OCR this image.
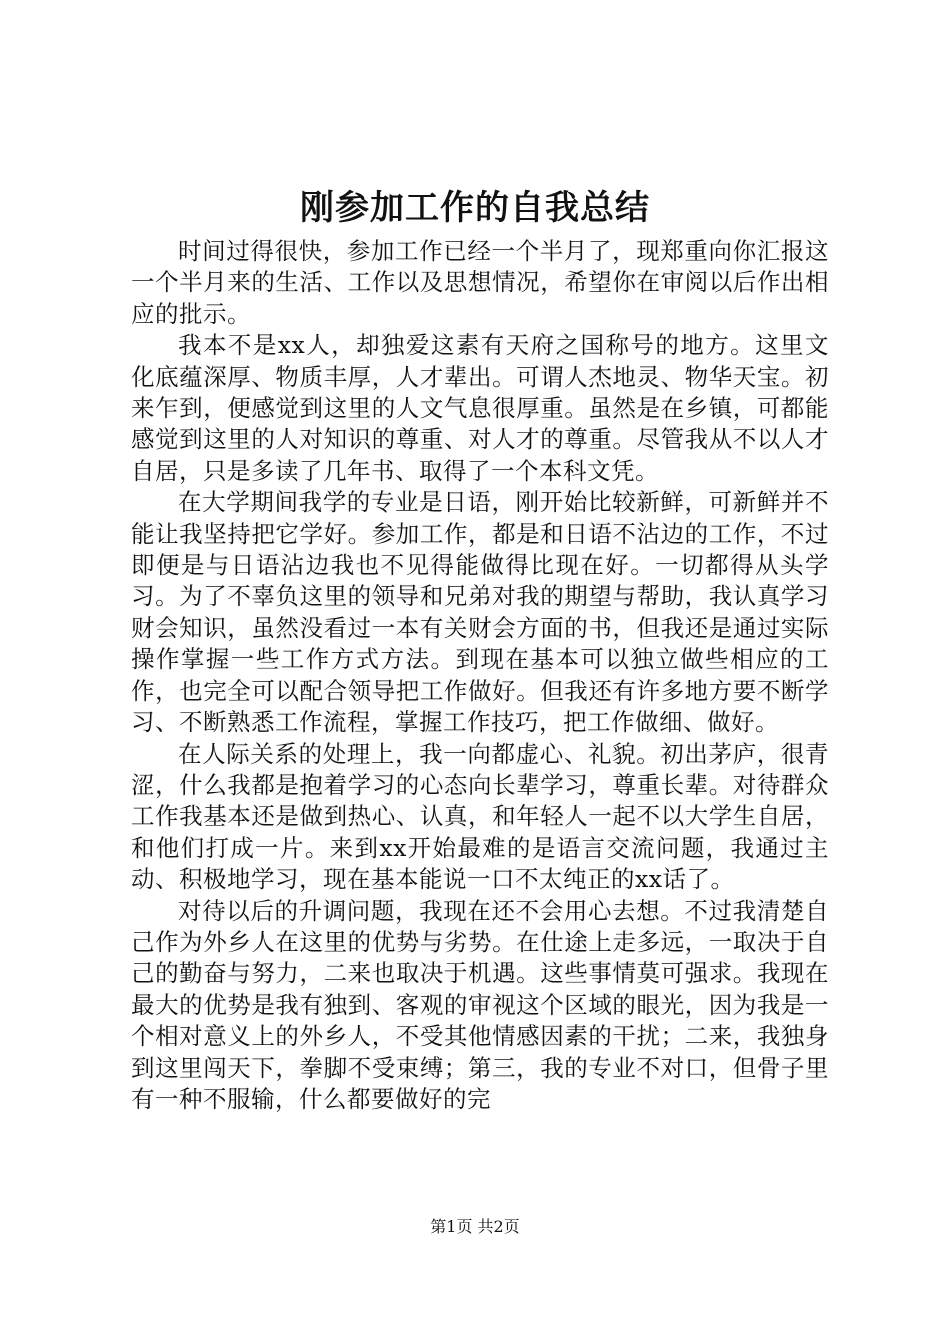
刚参加工作的自我总结

时间过得很快，参加工作已经一个半月了，现郑重向你汇报这一个半月来的生活、工作以及思想情况，希望你在审阅以后作出相应的批示。

我本不是xx人，却独爱这素有天府之国称号的地方。这里文化底蕴深厚、物质丰厚，人才辈出。可谓人杰地灵、物华天宝。初来乍到，便感觉到这里的人文气息很厚重。虽然是在乡镇，可都能感觉到这里的人对知识的尊重、对人才的尊重。尽管我从不以人才自居，只是多读了几年书、取得了一个本科文凭。

在大学期间我学的专业是日语，刚开始比较新鲜，可新鲜并不能让我坚持把它学好。参加工作，都是和日语不沾边的工作，不过即便是与日语沾边我也不见得能做得比现在好。一切都得从头学习。为了不辜负这里的领导和兄弟对我的期望与帮助，我认真学习财会知识，虽然没看过一本有关财会方面的书，但我还是通过实际操作掌握一些工作方式方法。到现在基本可以独立做些相应的工作，也完全可以配合领导把工作做好。但我还有许多地方要不断学习、不断熟悉工作流程，掌握工作技巧，把工作做细、做好。

在人际关系的处理上，我一向都虚心、礼貌。初出茅庐，很青涩，什么我都是抱着学习的心态向长辈学习，尊重长辈。对待群众工作我基本还是做到热心、认真，和年轻人一起不以大学生自居，和他们打成一片。来到xx开始最难的是语言交流问题，我通过主动、积极地学习，现在基本能说一口不太纯正的xx话了。

对待以后的升调问题，我现在还不会用心去想。不过我清楚自己作为外乡人在这里的优势与劣势。在仕途上走多远，一取决于自己的勤奋与努力，二来也取决于机遇。这些事情莫可强求。我现在最大的优势是我有独到、客观的审视这个区域的眼光，因为我是一个相对意义上的外乡人，不受其他情感因素的干扰；二来，我独身到这里闯天下，拳脚不受束缚；第三，我的专业不对口，但骨子里有一种不服输，什么都要做好的完

第1页 共2页
